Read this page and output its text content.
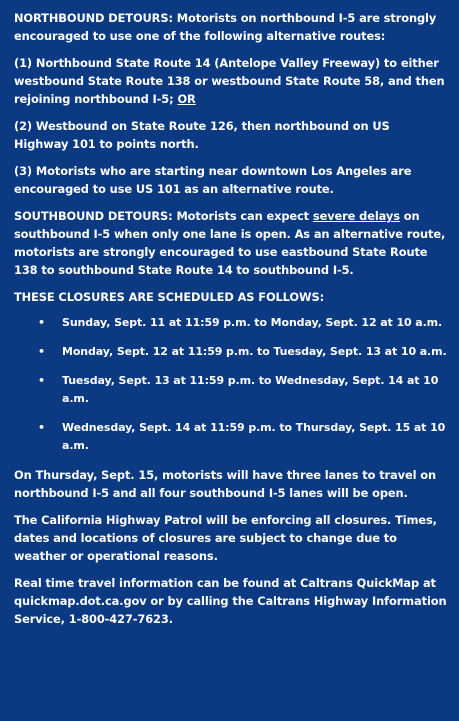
NORTHBOUND DETOURS: Motorists on northbound I-5 are strongly encouraged to use one of the following alternative routes:

(1) Northbound State Route 14 (Antelope Valley Freeway) to either westbound State Route 138 or westbound State Route 58, and then rejoining northbound I-5; OR

(2) Westbound on State Route 126, then northbound on US Highway 101 to points north.

(3) Motorists who are starting near downtown Los Angeles are encouraged to use US 101 as an alternative route.

SOUTHBOUND DETOURS: Motorists can expect severe delays on southbound I-5 when only one lane is open. As an alternative route, motorists are strongly encouraged to use eastbound State Route 138 to southbound State Route 14 to southbound I-5.

THESE CLOSURES ARE SCHEDULED AS FOLLOWS:

• Sunday, Sept. 11 at 11:59 p.m. to Monday, Sept. 12 at 10 a.m.
• Monday, Sept. 12 at 11:59 p.m. to Tuesday, Sept. 13 at 10 a.m.
• Tuesday, Sept. 13 at 11:59 p.m. to Wednesday, Sept. 14 at 10 a.m.
• Wednesday, Sept. 14 at 11:59 p.m. to Thursday, Sept. 15 at 10 a.m.

On Thursday, Sept. 15, motorists will have three lanes to travel on northbound I-5 and all four southbound I-5 lanes will be open.

The California Highway Patrol will be enforcing all closures. Times, dates and locations of closures are subject to change due to weather or operational reasons.

Real time travel information can be found at Caltrans QuickMap at quickmap.dot.ca.gov or by calling the Caltrans Highway Information Service, 1-800-427-7623.
